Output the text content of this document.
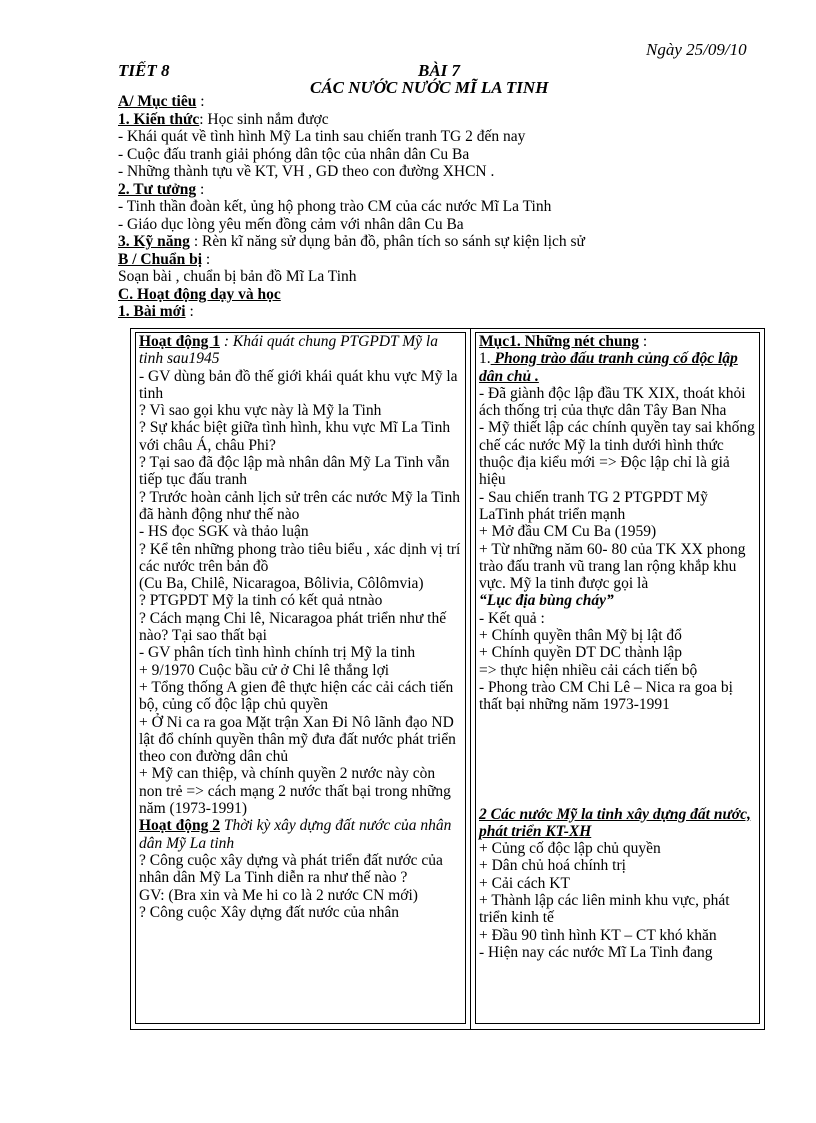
Ngày 25/09/10
TIẾT 8	BÀI 7
CÁC NƯỚC NƯỚC MĨ LA TINH
A/ Mục tiêu :
1. Kiến thức: Học sinh nắm được
- Khái quát về tình hình Mỹ La tinh sau chiến tranh TG 2 đến nay
- Cuộc đấu tranh giải phóng dân tộc của nhân dân Cu Ba
- Những thành tựu về KT, VH , GD theo con đường XHCN .
2. Tư tưởng :
- Tinh thần đoàn kết, ủng hộ phong trào CM của các nước Mĩ La Tinh
- Giáo dục lòng yêu mến đồng cảm với nhân dân Cu Ba
3. Kỹ năng : Rèn kĩ năng sử dụng bản đồ, phân tích so sánh sự kiện lịch sử
B / Chuẩn bị :
Soạn bài , chuẩn bị bản đồ Mĩ La Tinh
C. Hoạt động dạy và học
1. Bài mới :
Hoạt động 1 : Khái quát chung PTGPDT Mỹ la tinh sau1945
- GV dùng bản đồ thế giới khái quát khu vực Mỹ la tinh
? Vì sao gọi khu vực này là Mỹ la Tinh
? Sự khác biệt giữa tình hình, khu vực Mĩ La Tinh với châu Á, châu Phi?
? Tại sao đã độc lập mà nhân dân Mỹ La Tinh vẫn tiếp tục đấu tranh
? Trước hoàn cảnh lịch sử trên các nước Mỹ la Tinh đã hành động như thế nào
- HS đọc SGK và thảo luận
? Kể tên những phong trào tiêu biểu , xác dịnh vị trí các nước trên bản đồ
(Cu Ba, Chilê, Nicaragoa, Bôlivia, Côlômvia)
? PTGPDT Mỹ la tinh có kết quả ntnào
? Cách mạng Chi lê, Nicaragoa phát triển như thế nào? Tại sao thất bại
- GV phân tích tình hình chính trị Mỹ la tinh
+ 9/1970 Cuộc bầu cử ở Chi lê thắng lợi
+ Tổng thống A gien đê thực hiện các cải cách tiến bộ, củng cố độc lập chủ quyền
+ Ở Ni ca ra goa Mặt trận Xan Đi Nô lãnh đạo ND lật đổ chính quyền thân mỹ đưa đất nước phát triển theo con đường dân chủ
+ Mỹ can thiệp, và chính quyền 2 nước này còn non trẻ => cách mạng 2 nước thất bại trong những năm (1973-1991)
Hoạt động 2 Thời kỳ xây dựng đất nước của nhân dân Mỹ La tinh
? Công cuộc xây dựng và phát triển đất nước của nhân dân Mỹ La Tinh diễn ra như thế nào ?
GV: (Bra xin và Me hi co là 2 nước CN mới)
? Công cuộc Xây dựng đất nước của nhân

Mục1. Những nét chung :
1. Phong trào đấu tranh củng cố độc lập dân chủ .
- Đã giành độc lập đầu TK XIX, thoát khỏi ách thống trị của thực dân Tây Ban Nha
- Mỹ thiết lập các chính quyền tay sai khống chế các nước Mỹ la tinh dưới hình thức thuộc địa kiểu mới => Độc lập chỉ là giả hiệu
- Sau chiến tranh TG 2 PTGPDT Mỹ LaTinh phát triển mạnh
+ Mở đầu CM Cu Ba (1959)
+ Từ những năm 60- 80 của TK XX phong trào đấu tranh vũ trang lan rộng khắp khu vực. Mỹ la tinh được gọi là
“Lục địa bùng cháy”
- Kết quả :
+ Chính quyền thân Mỹ bị lật đổ
+ Chính quyền DT DC thành lập
=> thực hiện nhiều cải cách tiến bộ
- Phong trào CM Chi Lê – Nica ra goa bị thất bại những năm 1973-1991
2 Các nước Mỹ la tinh xây dựng đất nước, phát triển KT-XH
+ Củng cố độc lập chủ quyền
+ Dân chủ hoá chính trị
+ Cải cách KT
+ Thành lập các liên minh khu vực, phát triển kinh tế
+ Đầu 90 tình hình KT – CT khó khăn
- Hiện nay các nước Mĩ La Tinh đang
